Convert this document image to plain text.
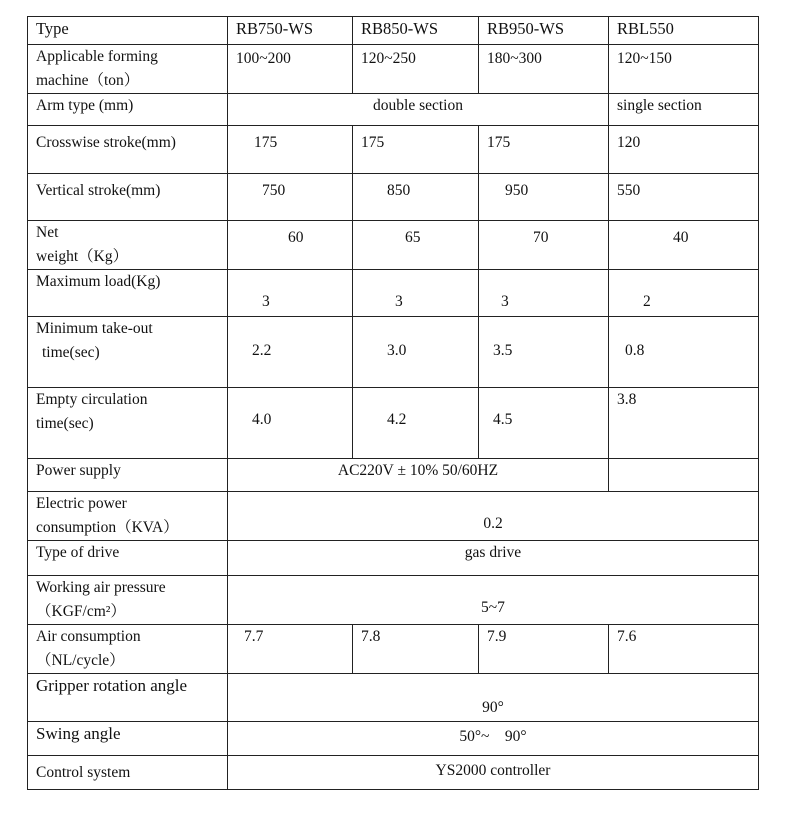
Type	RB750-WS	RB850-WS	RB950-WS	RBL550

Applicable forming
machine（ton）	100~200	120~250	180~300	120~150
Arm type (mm)	double section			single section
Crosswise stroke(mm)	175	175	175	120
Vertical stroke(mm)	750	850	950	550

Net
weight（Kg）	60	65	70	40
Maximum load(Kg)	3	3	3	2

Minimum take-out
time(sec)	2.2	3.0	3.5	0.8

Empty circulation
time(sec)	4.0	4.2	4.5	3.8
Power supply	AC220V ± 10% 50/60HZ			

Electric power
consumption（KVA）	0.2			
Type of drive	gas drive			

Working air pressure
（KGF/cm²）	5~7			

Air consumption
（NL/cycle）	7.7	7.8	7.9	7.6
Gripper rotation angle	90°			
Swing angle	50°~　90°			
Control system	YS2000 controller			
